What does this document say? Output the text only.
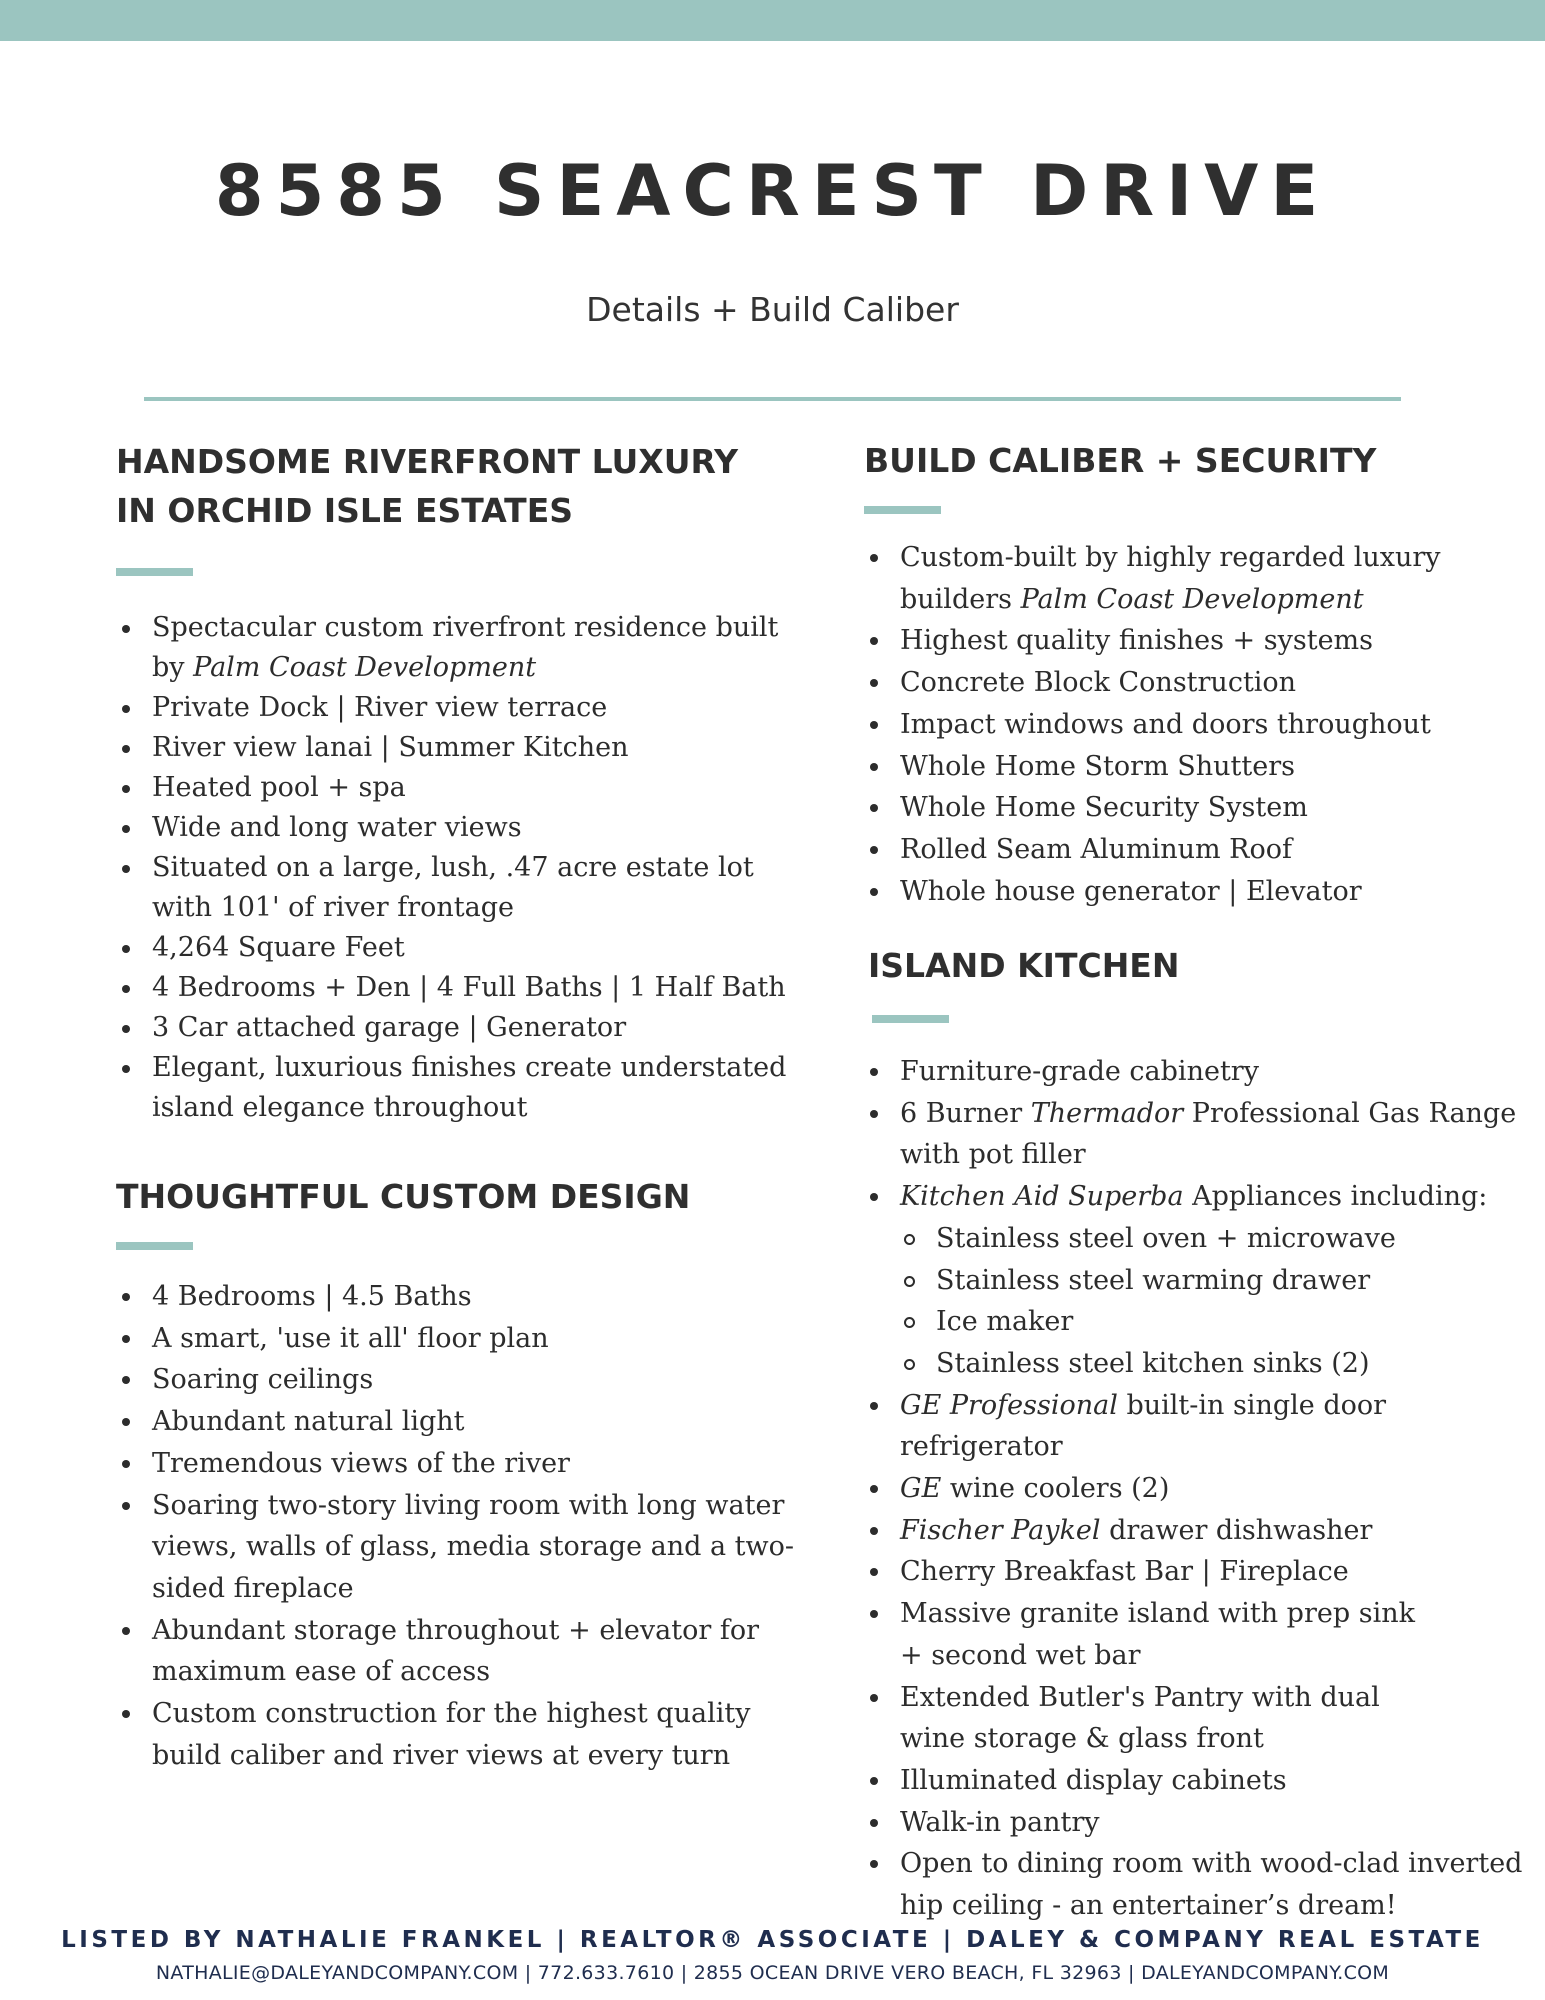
8585 SEACREST DRIVE
Details + Build Caliber
HANDSOME RIVERFRONT LUXURY
IN ORCHID ISLE ESTATES
Spectacular custom riverfront residence built by Palm Coast Development
Private Dock | River view terrace
River view lanai | Summer Kitchen
Heated pool + spa
Wide and long water views
Situated on a large, lush, .47 acre estate lot with 101' of river frontage
4,264 Square Feet
4 Bedrooms + Den | 4 Full Baths | 1 Half Bath
3 Car attached garage | Generator
Elegant, luxurious finishes create understated island elegance throughout
THOUGHTFUL CUSTOM DESIGN
4 Bedrooms | 4.5 Baths
A smart, 'use it all' floor plan
Soaring ceilings
Abundant natural light
Tremendous views of the river
Soaring two-story living room with long water views, walls of glass, media storage and a two-sided fireplace
Abundant storage throughout + elevator for maximum ease of access
Custom construction for the highest quality build caliber and river views at every turn
BUILD CALIBER + SECURITY
Custom-built by highly regarded luxury builders Palm Coast Development
Highest quality finishes + systems
Concrete Block Construction
Impact windows and doors throughout
Whole Home Storm Shutters
Whole Home Security System
Rolled Seam Aluminum Roof
Whole house generator | Elevator
ISLAND KITCHEN
Furniture-grade cabinetry
6 Burner Thermador Professional Gas Range with pot filler
Kitchen Aid Superba Appliances including:
Stainless steel oven + microwave
Stainless steel warming drawer
Ice maker
Stainless steel kitchen sinks (2)
GE Professional built-in single door refrigerator
GE wine coolers (2)
Fischer Paykel drawer dishwasher
Cherry Breakfast Bar | Fireplace
Massive granite island with prep sink
+ second wet bar
Extended Butler's Pantry with dual
wine storage & glass front
Illuminated display cabinets
Walk-in pantry
Open to dining room with wood-clad inverted hip ceiling - an entertainer’s dream!
LISTED BY NATHALIE FRANKEL | REALTOR® ASSOCIATE | DALEY & COMPANY REAL ESTATE
NATHALIE@DALEYANDCOMPANY.COM | 772.633.7610 | 2855 OCEAN DRIVE VERO BEACH, FL 32963 | DALEYANDCOMPANY.COM
